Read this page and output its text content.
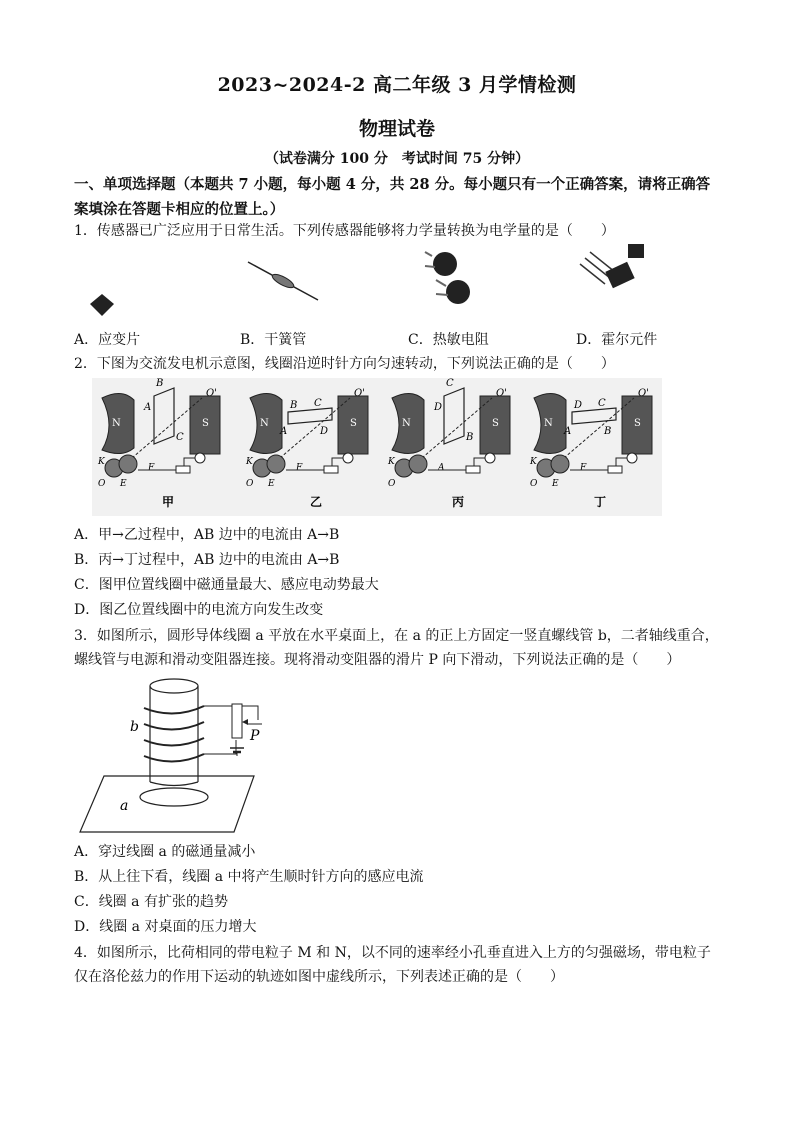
2023~2024-2 高二年级 3 月学情检测
物理试卷
（试卷满分 100 分　考试时间 75 分钟）
一、单项选择题（本题共 7 小题，每小题 4 分，共 28 分。每小题只有一个正确答案，请将正确答案填涂在答题卡相应的位置上。）
1．传感器已广泛应用于日常生活。下列传感器能够将力学量转换为电学量的是（　　）
A．应变片	B．干簧管	C．热敏电阻	D．霍尔元件
2．下图为交流发电机示意图，线圈沿逆时针方向匀速转动，下列说法正确的是（　　）
N	S
B
A
C
O'
K
O E
F
甲
N	S
B C
A	D
O'
K
O E
F
乙
N	S
C
D
B
O'
K
O
A
丙
N	S
D C
A	B
O'
K
O E
F
丁
A．甲→乙过程中，AB 边中的电流由 A→B
B．丙→丁过程中，AB 边中的电流由 A→B
C．图甲位置线圈中磁通量最大、感应电动势最大
D．图乙位置线圈中的电流方向发生改变
3．如图所示，圆形导体线圈 a 平放在水平桌面上，在 a 的正上方固定一竖直螺线管 b，二者轴线重合，螺线管与电源和滑动变阻器连接。现将滑动变阻器的滑片 P 向下滑动，下列说法正确的是（　　）
b
P
a
A．穿过线圈 a 的磁通量减小
B．从上往下看，线圈 a 中将产生顺时针方向的感应电流
C．线圈 a 有扩张的趋势
D．线圈 a 对桌面的压力增大
4．如图所示，比荷相同的带电粒子 M 和 N，以不同的速率经小孔垂直进入上方的匀强磁场，带电粒子仅在洛伦兹力的作用下运动的轨迹如图中虚线所示，下列表述正确的是（　　）
